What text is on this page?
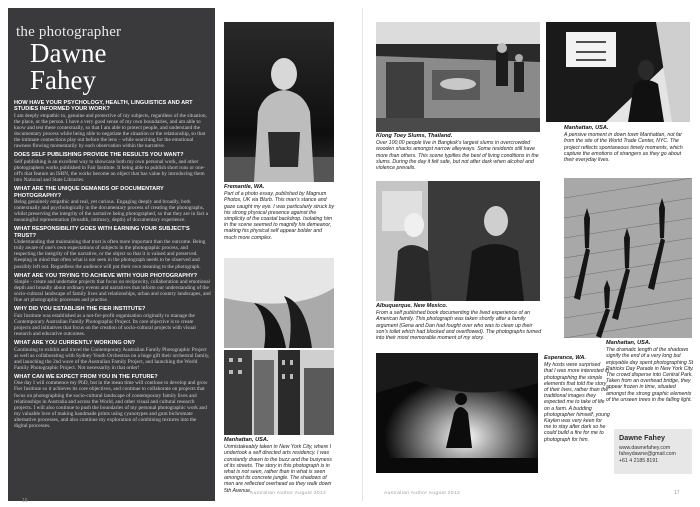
the photographer
Dawne
Fahey
HOW HAVE YOUR PSYCHOLOGY, HEALTH, LINGUISTICS AND ART STUDIES INFORMED YOUR WORK?
I am deeply empathic to, genuine and protective of my subjects, regardless of the situation, the place, or the person. I have a very good sense of my own boundaries, and am able to know and test these contextually, so that I am able to protect people, and understand the documentary process while being able to negotiate the situation or the relationship, so that the intimate connections play out before the lens – while searching for the emotional rawness flowing momentarily by each observation within the narrative.
DOES SELF PUBLISHING PROVIDE THE RESULTS YOU WANT?
Self publishing is an excellent way to showcase both my own personal work, and other photographers works published in Fair Institute. It being able to publish short runs or one-off's that feature an ISBN, the works become an object that has value by introducing them into National and State Libraries.
WHAT ARE THE UNIQUE DEMANDS OF DOCUMENTARY PHOTOGRAPHY?
Being genuinely empathic and real, yet curious. Engaging deeply and broadly, both contextually and psychologically in the documentary process of creating the photographs, whilst preserving the integrity of the narrative being photographed, so that they are in fact a meaningful representation (breadth, intimacy, depth) of documentary experience.
WHAT RESPONSIBILITY GOES WITH EARNING YOUR SUBJECT'S TRUST?
Understanding that maintaining that trust is often more important than the outcome. Being truly aware of one's own expectations of subjects in the photographic process, and respecting the integrity of the narrative, or the object so that it is valued and preserved. Keeping in mind that often what is not seen in the photograph needs to be observed and possibly left out. Regardless the audience will put their own meaning to the photograph.
WHAT ARE YOU TRYING TO ACHIEVE WITH YOUR PHOTOGRAPHY?
Simple - create and undertake projects that focus on reciprocity, collaboration and emotional depth and broadly about ordinary events and narratives that inform our understanding of the socio-cultural landscape of family lives and relationships, urban and country landscapes, and fine art photographic processes and practise.
WHY DID YOU ESTABLISH THE FIER INSTITUTE?
Fair Institute was established as a not-for-profit organisation originally to manage the Contemporary Australian Family Photographic Project. Its core objective is to create projects and initiatives that focus on the creation of socio-cultural projects with visual research and educative outcomes.
WHAT ARE YOU CURRENTLY WORKING ON?
Continuing to exhibit and travel the Contemporary Australian Family Photographic Project as well as collaborating with Sydney Youth Orchestras on a huge gift their orchestral family, and launching the 2nd wave of the Australian Family Project, and launching the World Family Photographic Project. Not necessarily in that order!
WHAT CAN WE EXPECT FROM YOU IN THE FUTURE?
One day I will commence my PhD, but in the mean time will continue to develop and grow Fier Institute so it achieves its core objectives, and continue to collaborate on projects that focus on photographing the socio-cultural landscape of contemporary family lives and relationships in Australia and across the World, and other visual and cultural research projects. I will also continue to push the boundaries of my personal photographic work and my valuable love of making handmade prints using cyanotypes and gum bichromate alternative processes, and also continue my exploration of combining textures into the digital processes.
16
Fremantle, WA.
Part of a photo essay, published by Magnum Photos, UK via Blurb. This man's stance and gaze caught my eye. I was particularly struck by his strong physical presence against the simplicity of the coastal backdrop. Isolating him in the scene seemed to magnify his demeanor, making his physical self appear bolder and much more complex.
Manhattan, USA.
Unmistakeably taken in New York City, where I undertook a self directed arts residency. I was constantly drawn to the buzz and the busyness of its streets. The story in this photograph is in what is not seen, rather than in what is seen amongst its concrete jungle. The shadows of men are reflected overhead as they walk down 5th Avenue.
Australian Author August 2012
Klong Toey Slums, Thailand.
Over 100,00 people live in Bangkok's largest slums in overcrowded wooden shacks amongst narrow alleyways. Some residents still have more than others. This scene typifies the best of living conditions in the slums. During the day it felt safe, but not after dark when alcohol and violence prevails.
Albuquerque, New Mexico.
From a self published book documenting the lived experience of an American family. This photograph was taken shortly after a family argument (Gena and Dan had fought over who was to clean up their son's toilet which had blocked and overflowed). The photographs turned into their most memorable moment of my story.
Esperance, WA.
My hosts were surprised that I was more interested in photographing the simple elements that told the story of their lives, rather than the traditional images they expected me to take of life on a farm. A budding photographer himself, young Kaylen was very keen for me to stay after dark so he could build a fire for me to photograph for him.
Manhattan, USA.
A pensive moment in down town Manhattan, not far from the site of the World Trade Center, NYC. The project reflects spontaneous timely moments, which capture the emotions of strangers as they go about their everyday lives.
Manhattan, USA.
The dramatic length of the shadows signify the end of a very long but enjoyable day spent photographing St Patricks Day Parade in New York City. The crowd disperse into Central Park. Taken from an overhead bridge, they appear frozen in time, situated amongst the strong graphic elements of the unseen trees in the falling light.
Dawne Fahey
www.dawnefahey.com
faheydawne@gmail.com
+61 4 2185 8191
Australian Author August 2012	17
